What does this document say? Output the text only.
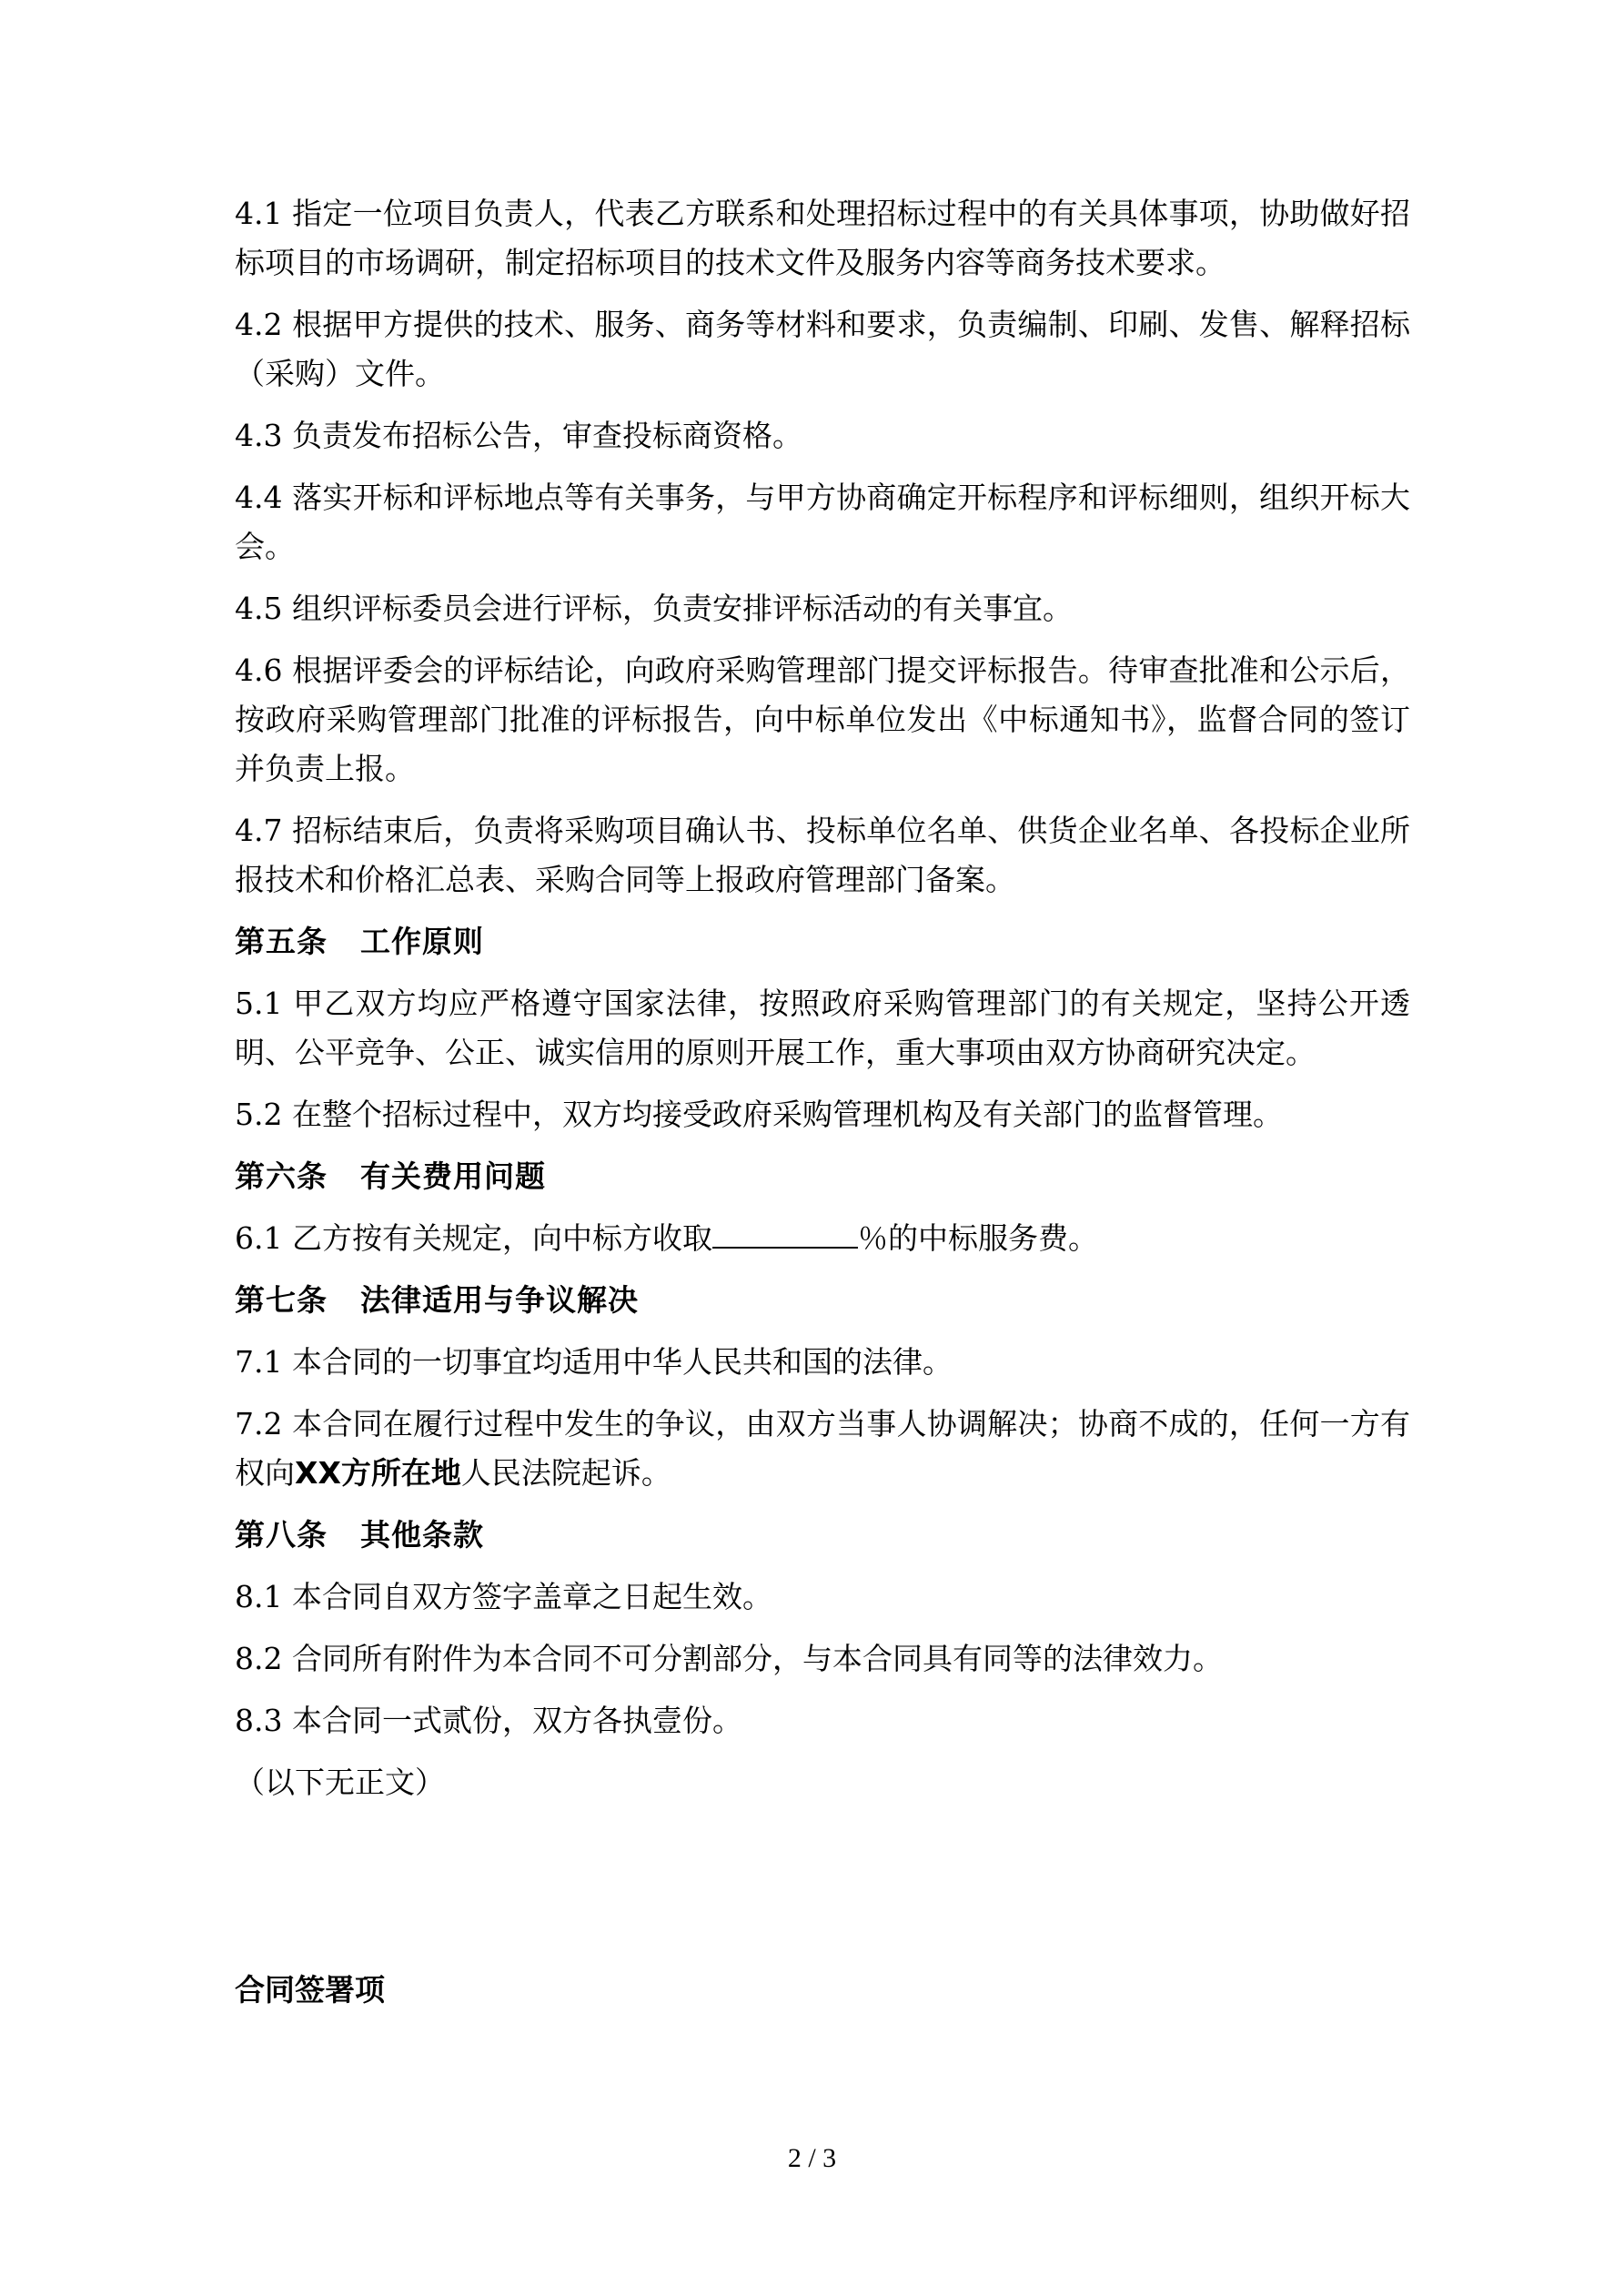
4.1 指定一位项目负责人，代表乙方联系和处理招标过程中的有关具体事项，协助做好招标项目的市场调研，制定招标项目的技术文件及服务内容等商务技术要求。

4.2 根据甲方提供的技术、服务、商务等材料和要求，负责编制、印刷、发售、解释招标（采购）文件。

4.3 负责发布招标公告，审查投标商资格。

4.4 落实开标和评标地点等有关事务，与甲方协商确定开标程序和评标细则，组织开标大会。

4.5 组织评标委员会进行评标，负责安排评标活动的有关事宜。

4.6 根据评委会的评标结论，向政府采购管理部门提交评标报告。待审查批准和公示后，按政府采购管理部门批准的评标报告，向中标单位发出《中标通知书》，监督合同的签订并负责上报。

4.7 招标结束后，负责将采购项目确认书、投标单位名单、供货企业名单、各投标企业所报技术和价格汇总表、采购合同等上报政府管理部门备案。

第五条 工作原则

5.1 甲乙双方均应严格遵守国家法律，按照政府采购管理部门的有关规定，坚持公开透明、公平竞争、公正、诚实信用的原则开展工作，重大事项由双方协商研究决定。

5.2 在整个招标过程中，双方均接受政府采购管理机构及有关部门的监督管理。

第六条 有关费用问题

6.1 乙方按有关规定，向中标方收取	％的中标服务费。

第七条 法律适用与争议解决

7.1 本合同的一切事宜均适用中华人民共和国的法律。

7.2 本合同在履行过程中发生的争议，由双方当事人协调解决；协商不成的，任何一方有权向XX方所在地人民法院起诉。

第八条 其他条款

8.1 本合同自双方签字盖章之日起生效。

8.2 合同所有附件为本合同不可分割部分，与本合同具有同等的法律效力。

8.3 本合同一式贰份，双方各执壹份。

（以下无正文）

合同签署项
2 / 3
